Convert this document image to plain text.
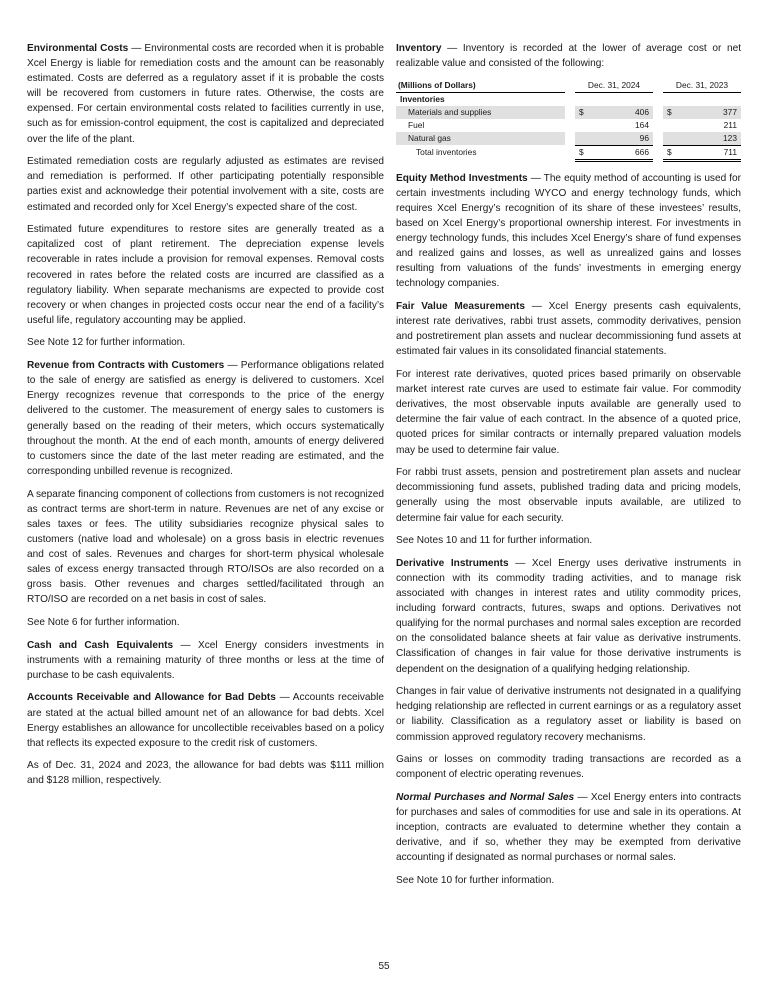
Environmental Costs — Environmental costs are recorded when it is probable Xcel Energy is liable for remediation costs and the amount can be reasonably estimated. Costs are deferred as a regulatory asset if it is probable the costs will be recovered from customers in future rates. Otherwise, the costs are expensed. For certain environmental costs related to facilities currently in use, such as for emission-control equipment, the cost is capitalized and depreciated over the life of the plant.

Estimated remediation costs are regularly adjusted as estimates are revised and remediation is performed. If other participating potentially responsible parties exist and acknowledge their potential involvement with a site, costs are estimated and recorded only for Xcel Energy’s expected share of the cost.

Estimated future expenditures to restore sites are generally treated as a capitalized cost of plant retirement. The depreciation expense levels recoverable in rates include a provision for removal expenses. Removal costs recovered in rates before the related costs are incurred are classified as a regulatory liability. When separate mechanisms are expected to provide cost recovery or when changes in projected costs occur near the end of a facility’s useful life, regulatory accounting may be applied.

See Note 12 for further information.

Revenue from Contracts with Customers — Performance obligations related to the sale of energy are satisfied as energy is delivered to customers. Xcel Energy recognizes revenue that corresponds to the price of the energy delivered to the customer. The measurement of energy sales to customers is generally based on the reading of their meters, which occurs systematically throughout the month. At the end of each month, amounts of energy delivered to customers since the date of the last meter reading are estimated, and the corresponding unbilled revenue is recognized.

A separate financing component of collections from customers is not recognized as contract terms are short-term in nature. Revenues are net of any excise or sales taxes or fees. The utility subsidiaries recognize physical sales to customers (native load and wholesale) on a gross basis in electric revenues and cost of sales. Revenues and charges for short-term physical wholesale sales of excess energy transacted through RTO/ISOs are also recorded on a gross basis. Other revenues and charges settled/facilitated through an RTO/ISO are recorded on a net basis in cost of sales.

See Note 6 for further information.

Cash and Cash Equivalents — Xcel Energy considers investments in instruments with a remaining maturity of three months or less at the time of purchase to be cash equivalents.

Accounts Receivable and Allowance for Bad Debts — Accounts receivable are stated at the actual billed amount net of an allowance for bad debts. Xcel Energy establishes an allowance for uncollectible receivables based on a policy that reflects its expected exposure to the credit risk of customers.

As of Dec. 31, 2024 and 2023, the allowance for bad debts was $111 million and $128 million, respectively.

Inventory — Inventory is recorded at the lower of average cost or net realizable value and consisted of the following:

(Millions of Dollars)		Dec. 31, 2024			Dec. 31, 2023	
Inventories						
Materials and supplies		$	406		$	377
Fuel			164			211
Natural gas			96			123
Total inventories		$	666		$	711

Equity Method Investments — The equity method of accounting is used for certain investments including WYCO and energy technology funds, which requires Xcel Energy’s recognition of its share of these investees’ results, based on Xcel Energy’s proportional ownership interest. For investments in energy technology funds, this includes Xcel Energy’s share of fund expenses and realized gains and losses, as well as unrealized gains and losses resulting from valuations of the funds’ investments in emerging energy technology companies.

Fair Value Measurements — Xcel Energy presents cash equivalents, interest rate derivatives, rabbi trust assets, commodity derivatives, pension and postretirement plan assets and nuclear decommissioning fund assets at estimated fair values in its consolidated financial statements.

For interest rate derivatives, quoted prices based primarily on observable market interest rate curves are used to estimate fair value. For commodity derivatives, the most observable inputs available are generally used to determine the fair value of each contract. In the absence of a quoted price, quoted prices for similar contracts or internally prepared valuation models may be used to determine fair value.

For rabbi trust assets, pension and postretirement plan assets and nuclear decommissioning fund assets, published trading data and pricing models, generally using the most observable inputs available, are utilized to determine fair value for each security.

See Notes 10 and 11 for further information.

Derivative Instruments — Xcel Energy uses derivative instruments in connection with its commodity trading activities, and to manage risk associated with changes in interest rates and utility commodity prices, including forward contracts, futures, swaps and options. Derivatives not qualifying for the normal purchases and normal sales exception are recorded on the consolidated balance sheets at fair value as derivative instruments. Classification of changes in fair value for those derivative instruments is dependent on the designation of a qualifying hedging relationship.

Changes in fair value of derivative instruments not designated in a qualifying hedging relationship are reflected in current earnings or as a regulatory asset or liability. Classification as a regulatory asset or liability is based on commission approved regulatory recovery mechanisms.

Gains or losses on commodity trading transactions are recorded as a component of electric operating revenues.

Normal Purchases and Normal Sales — Xcel Energy enters into contracts for purchases and sales of commodities for use and sale in its operations. At inception, contracts are evaluated to determine whether they contain a derivative, and if so, whether they may be exempted from derivative accounting if designated as normal purchases or normal sales.

See Note 10 for further information.

55
